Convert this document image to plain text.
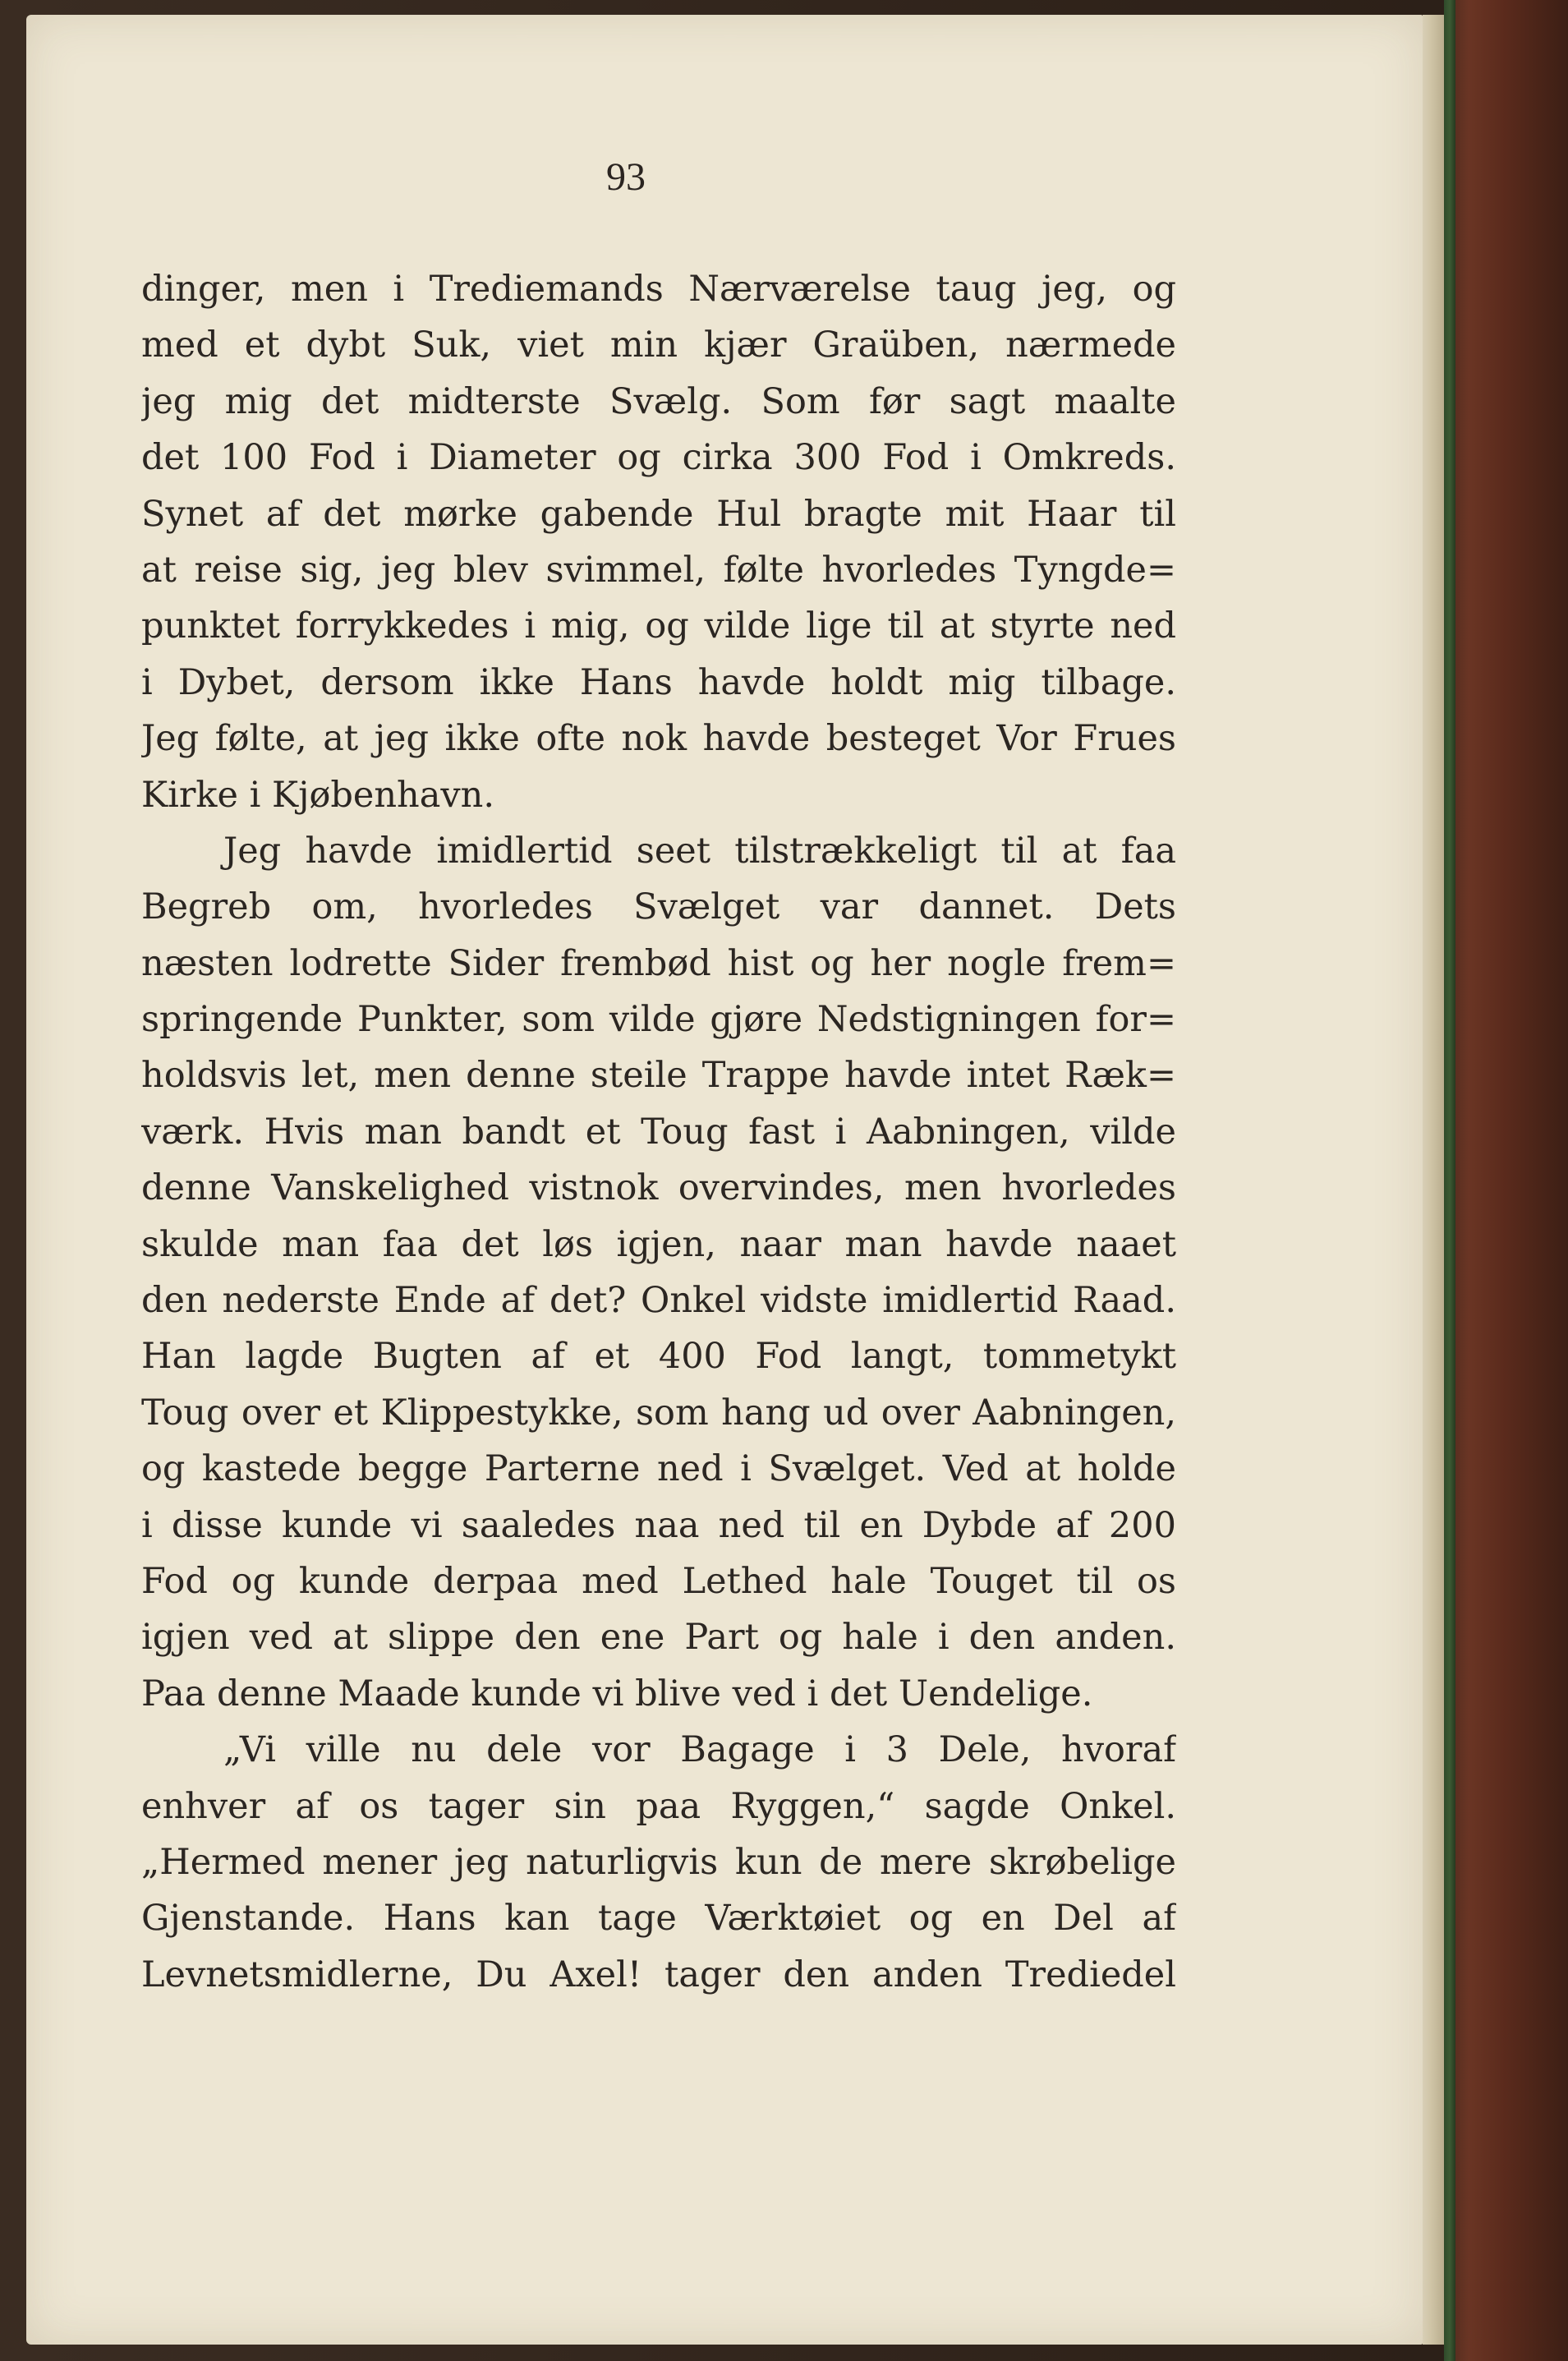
93
dinger, men i Trediemands Nærværelse taug jeg, og
med et dybt Suk, viet min kjær Graüben, nærmede
jeg mig det midterste Svælg. Som før sagt maalte
det 100 Fod i Diameter og cirka 300 Fod i Omkreds.
Synet af det mørke gabende Hul bragte mit Haar til
at reise sig, jeg blev svimmel, følte hvorledes Tyngde=
punktet forrykkedes i mig, og vilde lige til at styrte ned
i Dybet, dersom ikke Hans havde holdt mig tilbage.
Jeg følte, at jeg ikke ofte nok havde besteget Vor Frues
Kirke i Kjøbenhavn.
Jeg havde imidlertid seet tilstrækkeligt til at faa
Begreb om, hvorledes Svælget var dannet. Dets
næsten lodrette Sider frembød hist og her nogle frem=
springende Punkter, som vilde gjøre Nedstigningen for=
holdsvis let, men denne steile Trappe havde intet Ræk=
værk. Hvis man bandt et Toug fast i Aabningen, vilde
denne Vanskelighed vistnok overvindes, men hvorledes
skulde man faa det løs igjen, naar man havde naaet
den nederste Ende af det? Onkel vidste imidlertid Raad.
Han lagde Bugten af et 400 Fod langt, tommetykt
Toug over et Klippestykke, som hang ud over Aabningen,
og kastede begge Parterne ned i Svælget. Ved at holde
i disse kunde vi saaledes naa ned til en Dybde af 200
Fod og kunde derpaa med Lethed hale Touget til os
igjen ved at slippe den ene Part og hale i den anden.
Paa denne Maade kunde vi blive ved i det Uendelige.
„Vi ville nu dele vor Bagage i 3 Dele, hvoraf
enhver af os tager sin paa Ryggen,“ sagde Onkel.
„Hermed mener jeg naturligvis kun de mere skrøbelige
Gjenstande. Hans kan tage Værktøiet og en Del af
Levnetsmidlerne, Du Axel! tager den anden Trediedel
